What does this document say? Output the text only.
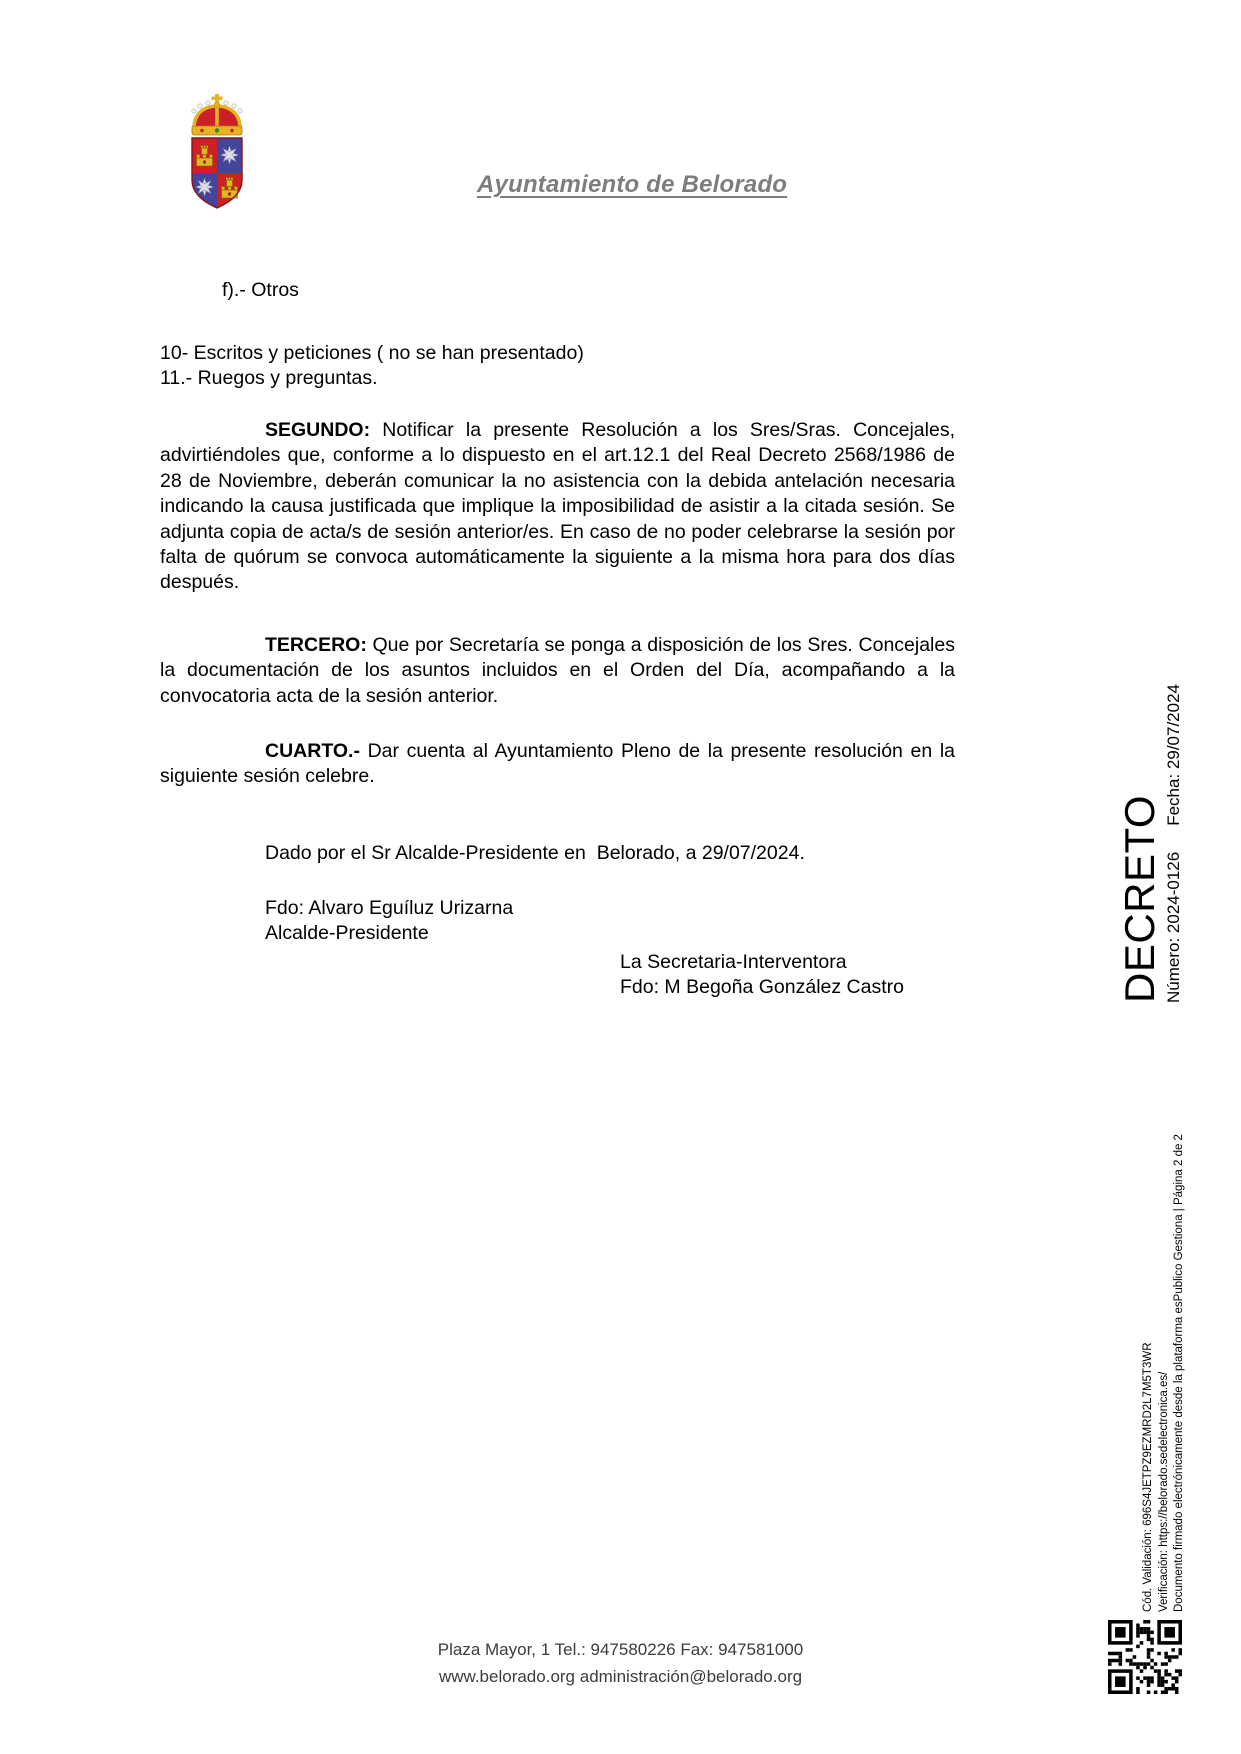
Ayuntamiento de Belorado

f).- Otros

10- Escritos y peticiones ( no se han presentado)

11.- Ruegos y preguntas.

SEGUNDO: Notificar la presente Resolución a los Sres/Sras. Concejales, advirtiéndoles que, conforme a lo dispuesto en el art.12.1 del Real Decreto 2568/1986 de 28 de Noviembre, deberán comunicar la no asistencia con la debida antelación necesaria indicando la causa justificada que implique la imposibilidad de asistir a la citada sesión. Se adjunta copia de acta/s de sesión anterior/es. En caso de no poder celebrarse la sesión por falta de quórum se convoca automáticamente la siguiente a la misma hora para dos días después.

TERCERO: Que por Secretaría se ponga a disposición de los Sres. Concejales la documentación de los asuntos incluidos en el Orden del Día, acompañando a la convocatoria acta de la sesión anterior.

CUARTO.- Dar cuenta al Ayuntamiento Pleno de la presente resolución en la siguiente sesión celebre.

Dado por el Sr Alcalde-Presidente en  Belorado, a 29/07/2024.

Fdo: Alvaro Eguíluz Urizarna
Alcalde-Presidente
La Secretaria-Interventora
Fdo: M Begoña González Castro	DECRETO Número: 2024-0126
Fecha: 29/07/2024
Cód. Validación: 696S4JETPZ9EZMRD2L7M5T3WR Verificación: https://belorado.sedelectronica.es/ Documento firmado electrónicamente desde la plataforma esPublico Gestiona | Página 2 de 2
Plaza Mayor, 1 Tel.: 947580226 Fax: 947581000
www.belorado.org administración@belorado.org
